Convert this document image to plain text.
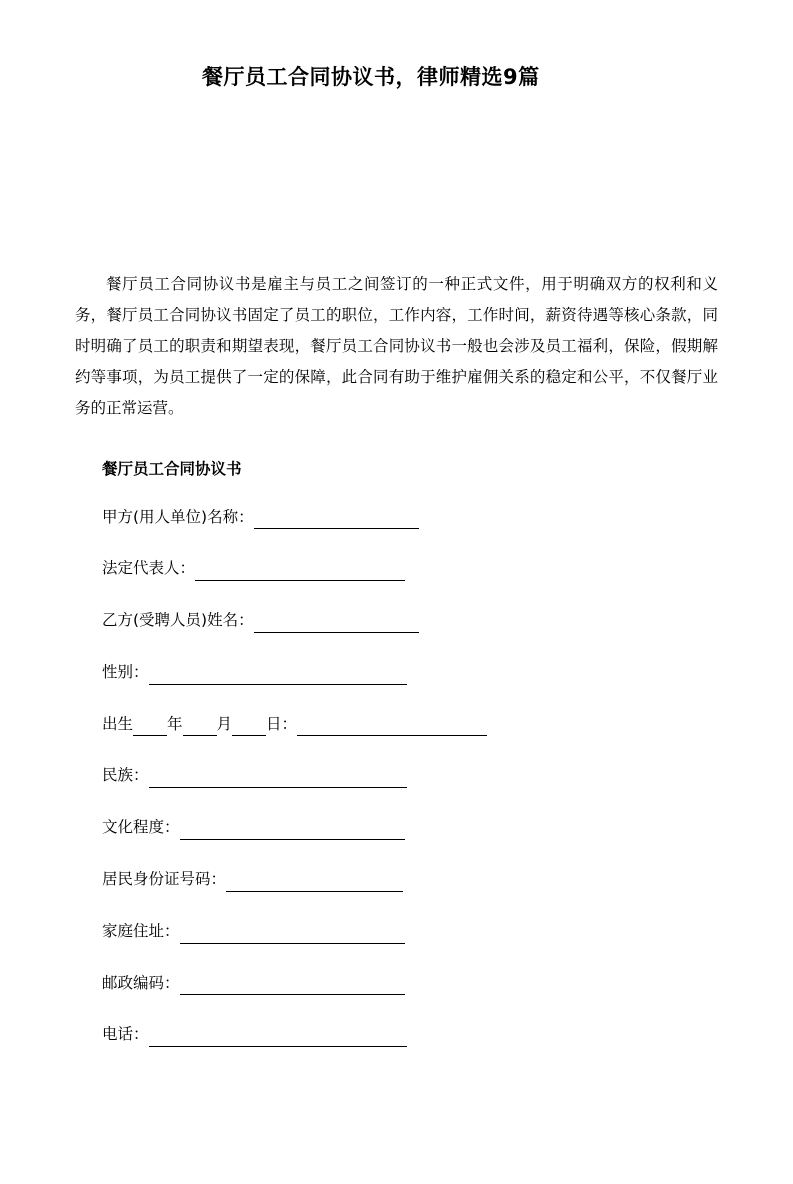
餐厅员工合同协议书，律师精选9篇
餐厅员工合同协议书是雇主与员工之间签订的一种正式文件，用于明确双方的权利和义务，餐厅员工合同协议书固定了员工的职位，工作内容，工作时间，薪资待遇等核心条款，同时明确了员工的职责和期望表现，餐厅员工合同协议书一般也会涉及员工福利，保险，假期解约等事项，为员工提供了一定的保障，此合同有助于维护雇佣关系的稳定和公平，不仅餐厅业务的正常运营。
餐厅员工合同协议书
甲方(用人单位)名称：
法定代表人：
乙方(受聘人员)姓名：
性别：
出生 年 月 日：
民族：
文化程度：
居民身份证号码：
家庭住址：
邮政编码：
电话：
